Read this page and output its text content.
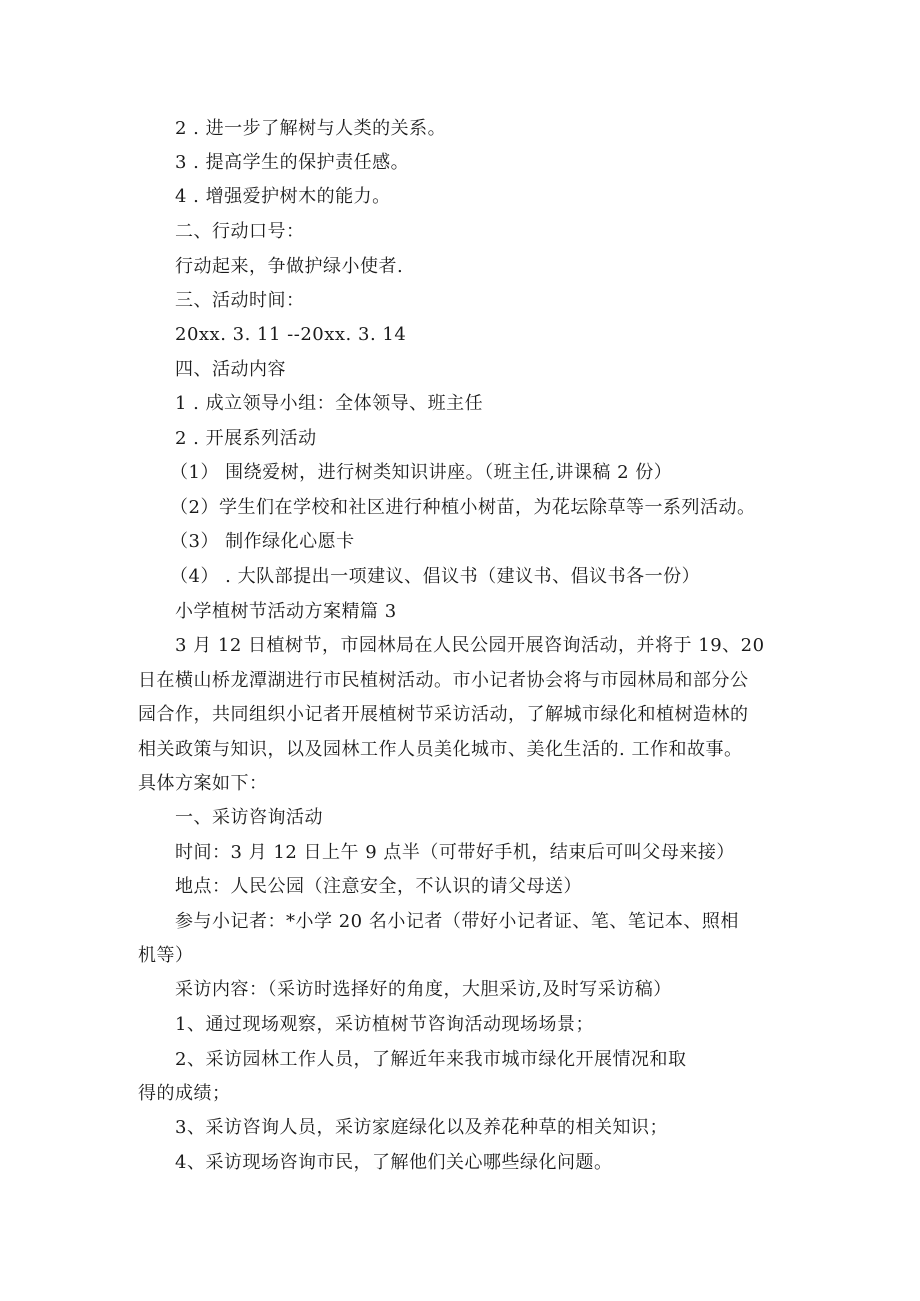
2 . 进一步了解树与人类的关系。
3 . 提高学生的保护责任感。
4 . 增强爱护树木的能力。
二、行动口号：
行动起来，争做护绿小使者.
三、活动时间：
20xx. 3. 11 --20xx. 3. 14
四、活动内容
1 . 成立领导小组：全体领导、班主任
2 . 开展系列活动
（1） 围绕爱树，进行树类知识讲座。（班主任,讲课稿 2 份）
（2）学生们在学校和社区进行种植小树苗，为花坛除草等一系列活动。
（3） 制作绿化心愿卡
（4） . 大队部提出一项建议、倡议书（建议书、倡议书各一份）
小学植树节活动方案精篇 3
3 月 12 日植树节，市园林局在人民公园开展咨询活动，并将于 19、20
日在横山桥龙潭湖进行市民植树活动。市小记者协会将与市园林局和部分公
园合作，共同组织小记者开展植树节采访活动，了解城市绿化和植树造林的
相关政策与知识，以及园林工作人员美化城市、美化生活的. 工作和故事。
具体方案如下：
一、采访咨询活动
时间：3 月 12 日上午 9 点半（可带好手机，结束后可叫父母来接）
地点：人民公园（注意安全，不认识的请父母送）
参与小记者：*小学 20 名小记者（带好小记者证、笔、笔记本、照相
机等）
采访内容：（采访时选择好的角度，大胆采访,及时写采访稿）
1、通过现场观察，采访植树节咨询活动现场场景；
2、采访园林工作人员，了解近年来我市城市绿化开展情况和取
得的成绩；
3、采访咨询人员，采访家庭绿化以及养花种草的相关知识；
4、采访现场咨询市民，了解他们关心哪些绿化问题。
